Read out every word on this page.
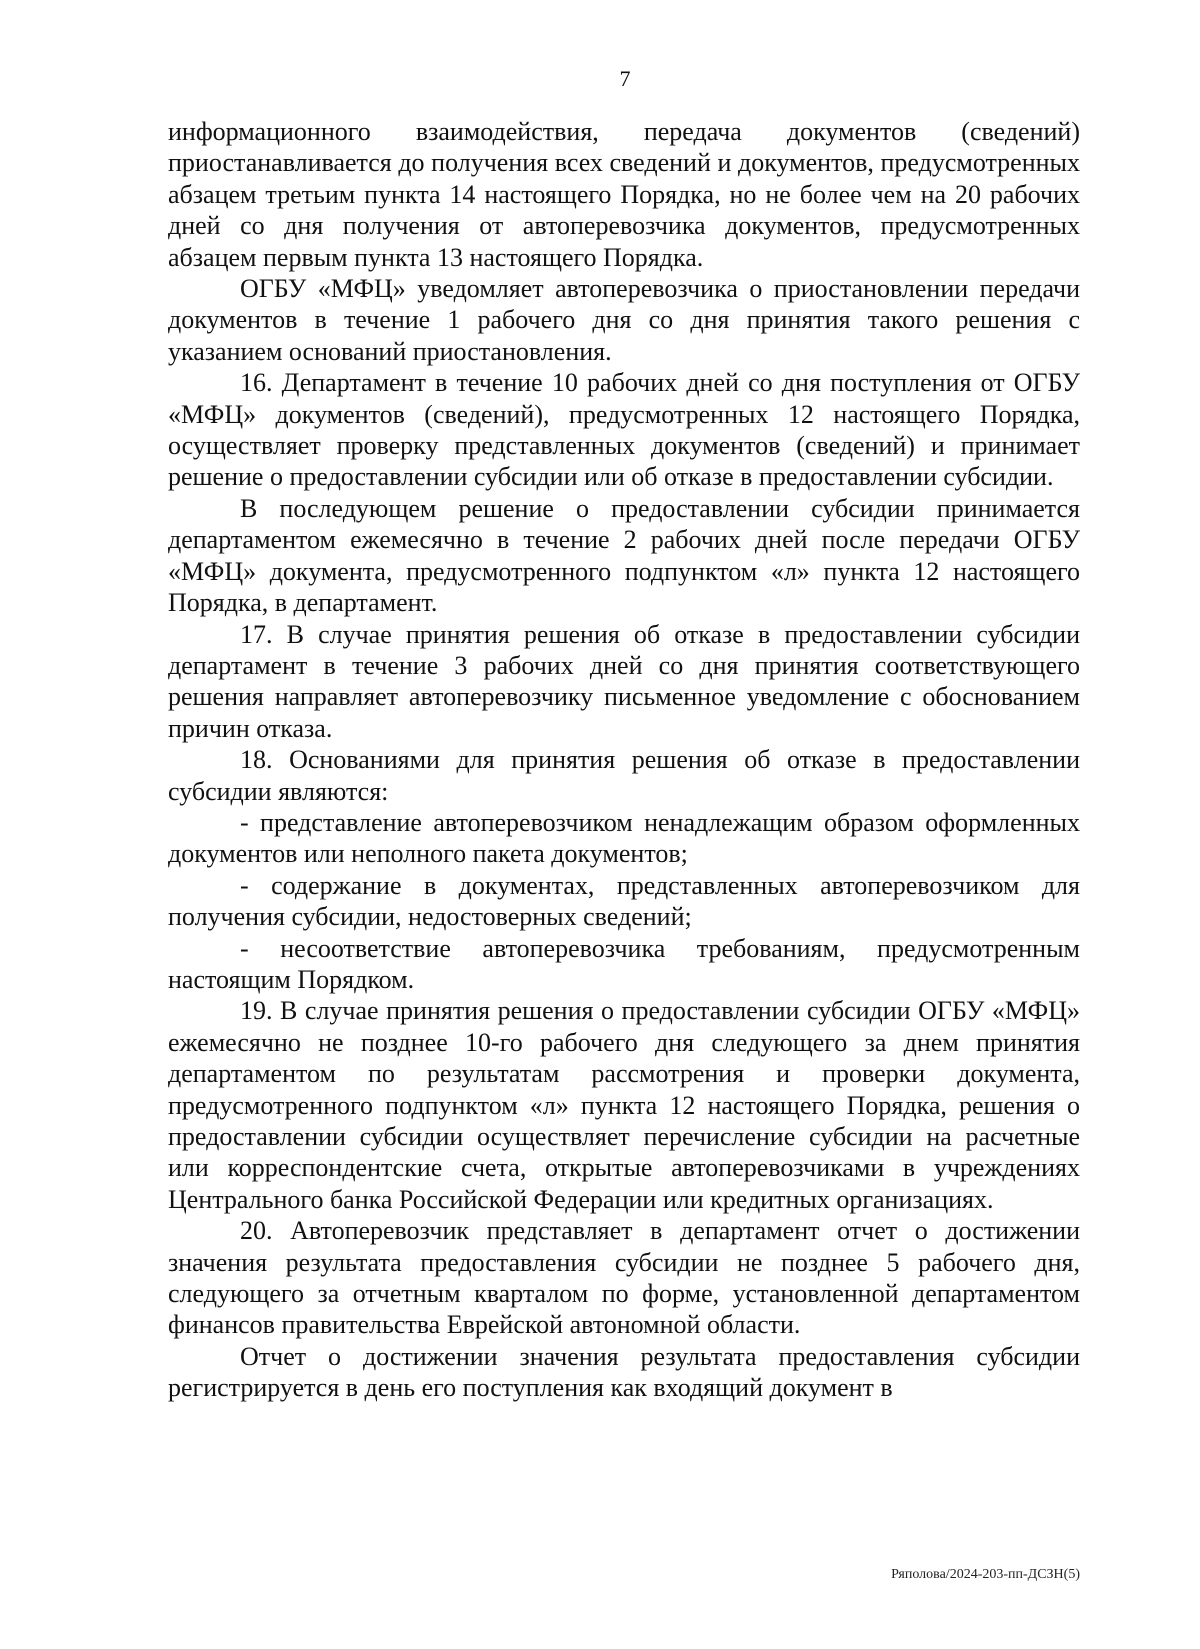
7

информационного взаимодействия, передача документов (сведений) приостанавливается до получения всех сведений и документов, предусмотренных абзацем третьим пункта 14 настоящего Порядка, но не более чем на 20 рабочих дней со дня получения от автоперевозчика документов, предусмотренных абзацем первым пункта 13 настоящего Порядка.

ОГБУ «МФЦ» уведомляет автоперевозчика о приостановлении передачи документов в течение 1 рабочего дня со дня принятия такого решения с указанием оснований приостановления.

16. Департамент в течение 10 рабочих дней со дня поступления от ОГБУ «МФЦ» документов (сведений), предусмотренных 12 настоящего Порядка, осуществляет проверку представленных документов (сведений) и принимает решение о предоставлении субсидии или об отказе в предоставлении субсидии.

В последующем решение о предоставлении субсидии принимается департаментом ежемесячно в течение 2 рабочих дней после передачи ОГБУ «МФЦ» документа, предусмотренного подпунктом «л» пункта 12 настоящего Порядка, в департамент.

17. В случае принятия решения об отказе в предоставлении субсидии департамент в течение 3 рабочих дней со дня принятия соответствующего решения направляет автоперевозчику письменное уведомление с обоснованием причин отказа.

18. Основаниями для принятия решения об отказе в предоставлении субсидии являются:

- представление автоперевозчиком ненадлежащим образом оформленных документов или неполного пакета документов;

- содержание в документах, представленных автоперевозчиком для получения субсидии, недостоверных сведений;

- несоответствие автоперевозчика требованиям, предусмотренным настоящим Порядком.

19. В случае принятия решения о предоставлении субсидии ОГБУ «МФЦ» ежемесячно не позднее 10-го рабочего дня следующего за днем принятия департаментом по результатам рассмотрения и проверки документа, предусмотренного подпунктом «л» пункта 12 настоящего Порядка, решения о предоставлении субсидии осуществляет перечисление субсидии на расчетные или корреспондентские счета, открытые автоперевозчиками в учреждениях Центрального банка Российской Федерации или кредитных организациях.

20. Автоперевозчик представляет в департамент отчет о достижении значения результата предоставления субсидии не позднее 5 рабочего дня, следующего за отчетным кварталом по форме, установленной департаментом финансов правительства Еврейской автономной области.

Отчет о достижении значения результата предоставления субсидии регистрируется в день его поступления как входящий документ в

Ряполова/2024-203-пп-ДСЗН(5)
